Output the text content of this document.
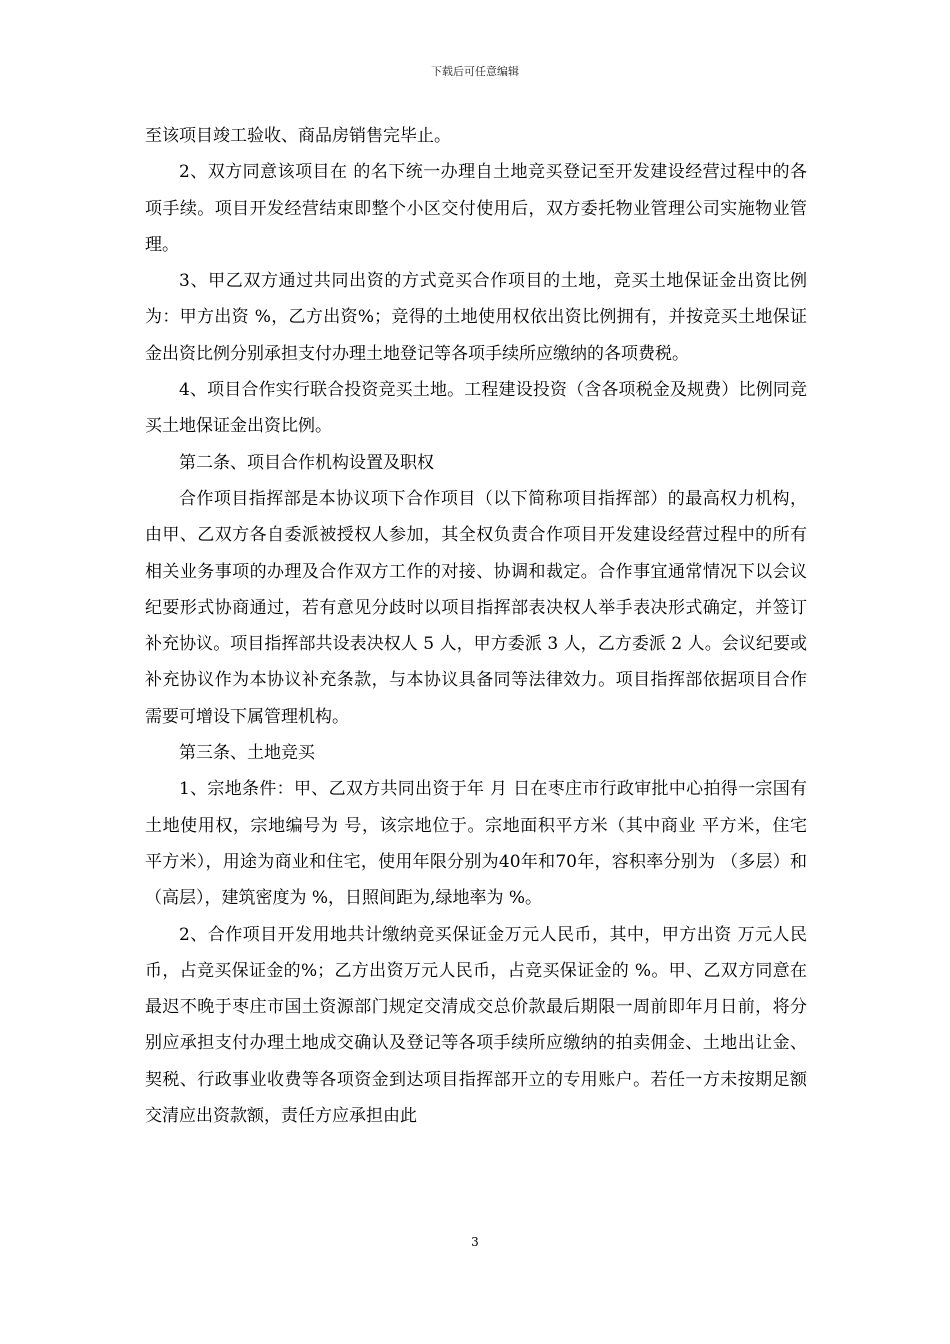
下载后可任意编辑

至该项目竣工验收、商品房销售完毕止。

2、双方同意该项目在 的名下统一办理自土地竞买登记至开发建设经营过程中的各项手续。项目开发经营结束即整个小区交付使用后，双方委托物业管理公司实施物业管理。

3、甲乙双方通过共同出资的方式竞买合作项目的土地，竞买土地保证金出资比例为：甲方出资 %，乙方出资%；竞得的土地使用权依出资比例拥有，并按竞买土地保证金出资比例分别承担支付办理土地登记等各项手续所应缴纳的各项费税。

4、项目合作实行联合投资竞买土地。工程建设投资（含各项税金及规费）比例同竞买土地保证金出资比例。

第二条、项目合作机构设置及职权

合作项目指挥部是本协议项下合作项目（以下简称项目指挥部）的最高权力机构，由甲、乙双方各自委派被授权人参加，其全权负责合作项目开发建设经营过程中的所有相关业务事项的办理及合作双方工作的对接、协调和裁定。合作事宜通常情况下以会议纪要形式协商通过，若有意见分歧时以项目指挥部表决权人举手表决形式确定，并签订补充协议。项目指挥部共设表决权人 5 人，甲方委派 3 人，乙方委派 2 人。会议纪要或补充协议作为本协议补充条款，与本协议具备同等法律效力。项目指挥部依据项目合作需要可增设下属管理机构。

第三条、土地竞买

1、宗地条件：甲、乙双方共同出资于年 月 日在枣庄市行政审批中心拍得一宗国有土地使用权，宗地编号为 号，该宗地位于。宗地面积平方米（其中商业 平方米，住宅 平方米），用途为商业和住宅，使用年限分别为40年和70年，容积率分别为 （多层）和 （高层），建筑密度为 %，日照间距为,绿地率为 %。

2、合作项目开发用地共计缴纳竞买保证金万元人民币，其中，甲方出资 万元人民币，占竞买保证金的%；乙方出资万元人民币，占竞买保证金的 %。甲、乙双方同意在最迟不晚于枣庄市国土资源部门规定交清成交总价款最后期限一周前即年月日前，将分别应承担支付办理土地成交确认及登记等各项手续所应缴纳的拍卖佣金、土地出让金、契税、行政事业收费等各项资金到达项目指挥部开立的专用账户。若任一方未按期足额交清应出资款额，责任方应承担由此

3
